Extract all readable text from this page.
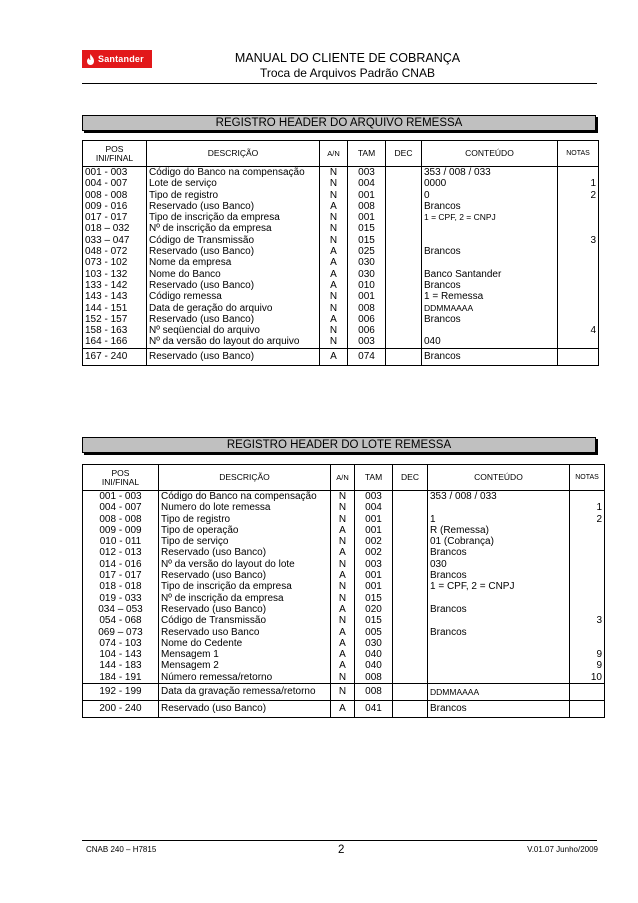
Santander	MANUAL DO CLIENTE DE COBRANÇA
Troca de Arquivos Padrão CNAB
REGISTRO HEADER DO ARQUIVO REMESSA
POS
INI/FINAL	DESCRIÇÃO	A/N	TAM	DEC	CONTEÚDO	NOTAS
001 - 003	Código do Banco na compensação	N	003		353 / 008 / 033	
004 - 007	Lote de serviço	N	004		0000	1
008 - 008	Tipo de registro	N	001		0	2
009 - 016	Reservado (uso Banco)	A	008		Brancos	
017 - 017	Tipo de inscrição da empresa	N	001		1 = CPF, 2 = CNPJ	
018 – 032	Nº de inscrição da empresa	N	015			
033 – 047	Código de Transmissão	N	015			3
048 - 072	Reservado (uso Banco)	A	025		Brancos	
073 - 102	Nome da empresa	A	030			
103 - 132	Nome do Banco	A	030		Banco Santander	
133 - 142	Reservado (uso Banco)	A	010		Brancos	
143 - 143	Código remessa	N	001		1 = Remessa	
144 - 151	Data de geração do arquivo	N	008		DDMMAAAA	
152 - 157	Reservado (uso Banco)	A	006		Brancos	
158 - 163	Nº seqüencial do arquivo	N	006			4
164 - 166	Nº da versão do layout do arquivo	N	003		040	
167 - 240	Reservado (uso Banco)	A	074		Brancos	
REGISTRO HEADER DO LOTE REMESSA
POS
INI/FINAL	DESCRIÇÃO	A/N	TAM	DEC	CONTEÚDO	NOTAS
001 - 003	Código do Banco na compensação	N	003		353 / 008 / 033	
004 - 007	Numero do lote remessa	N	004			1
008 - 008	Tipo de registro	N	001		1	2
009 - 009	Tipo de operação	A	001		R (Remessa)	
010 - 011	Tipo de serviço	N	002		01 (Cobrança)	
012 - 013	Reservado (uso Banco)	A	002		Brancos	
014 - 016	Nº da versão do layout do lote	N	003		030	
017 - 017	Reservado (uso Banco)	A	001		Brancos	
018 - 018	Tipo de inscrição da empresa	N	001		1 = CPF, 2 = CNPJ	
019 - 033	Nº de inscrição da empresa	N	015			
034 – 053	Reservado (uso Banco)	A	020		Brancos	
054 - 068	Código de Transmissão	N	015			3
069 – 073	Reservado uso Banco	A	005		Brancos	
074 - 103	Nome do Cedente	A	030			
104 - 143	Mensagem 1	A	040			9
144 - 183	Mensagem 2	A	040			9
184 - 191	Número remessa/retorno	N	008			10
192 - 199	Data da gravação remessa/retorno	N	008		DDMMAAAA	
200 - 240	Reservado (uso Banco)	A	041		Brancos	
CNAB 240 – H7815	2	V.01.07 Junho/2009
